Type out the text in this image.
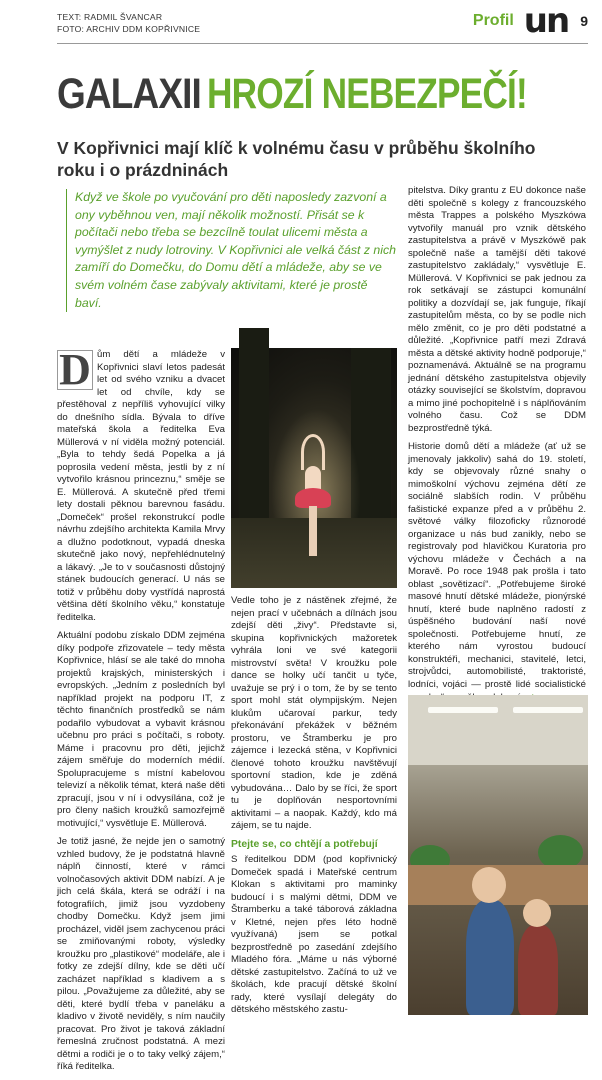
TEXT: RADMIL ŠVANCAR
FOTO: ARCHIV DDM KOPŘIVNICE	Profil un 9
GALAXII HROZÍ NEBEZPEČÍ!
V Kopřivnici mají klíč k volnému času v průběhu školního roku i o prázdninách
Když ve škole po vyučování pro děti naposledy zazvoní a ony vyběhnou ven, mají několik možností. Přisát se k počítači nebo třeba se bezcílně toulat ulicemi města a vymýšlet z nudy lotroviny. V Kopřivnici ale velká část z nich zamíří do Domečku, do Domu dětí a mládeže, aby se ve svém volném čase zabývaly aktivitami, které je prostě baví.

D ům dětí a mládeže v Kopřivnici slaví letos padesát let od svého vzniku a dvacet let od chvíle, kdy se přestěhoval z nepříliš vyhovující vilky do dnešního sídla. Bývala to dříve mateřská škola a ředitelka Eva Müllerová v ní viděla možný potenciál. „Byla to tehdy šedá Popelka a já poprosila vedení města, jestli by z ní vytvořilo krásnou princeznu,“ směje se E. Müllerová. A skutečně před třemi lety dostali pěknou barevnou fasádu. „Domeček“ prošel rekonstrukcí podle návrhu zdejšího architekta Kamila Mrvy a dlužno podotknout, vypadá dneska skutečně jako nový, nepřehlédnutelný a lákavý. „Je to v současnosti důstojný stánek budoucích generací. U nás se totiž v průběhu doby vystřídá naprostá většina dětí školního věku,“ konstatuje ředitelka.

Aktuální podobu získalo DDM zejména díky podpoře zřizovatele – tedy města Kopřivnice, hlásí se ale také do mnoha projektů krajských, ministerských i evropských. „Jedním z posledních byl například projekt na podporu IT, z těchto finančních prostředků se nám podařilo vybudovat a vybavit krásnou učebnu pro práci s počítači, s roboty. Máme i pracovnu pro děti, jejichž zájem směřuje do moderních médií. Spolupracujeme s místní kabelovou televizí a několik témat, která naše děti zpracují, jsou v ní i odvysílána, což je pro členy našich kroužků samozřejmě motivující,“ vysvětluje E. Müllerová.

Je totiž jasné, že nejde jen o samotný vzhled budovy, že je podstatná hlavně náplň činností, které v rámci volnočasových aktivit DDM nabízí. A je jich celá škála, která se odráží i na fotografiích, jimiž jsou vyzdobeny chodby Domečku. Když jsem jimi procházel, viděl jsem zachycenou práci se zmiňovanými roboty, výsledky kroužku pro „plastikové“ modeláře, ale i fotky ze zdejší dílny, kde se děti učí zacházet například s kladivem a s pilou. „Považujeme za důležité, aby se děti, které bydlí třeba v paneláku a kladivo v životě neviděly, s ním naučily pracovat. Pro život je taková základní řemeslná zručnost podstatná. A mezi dětmi a rodiči je o to taky velký zájem,“ říká ředitelka.

Vedle toho je z nástěnek zřejmé, že nejen prací v učebnách a dílnách jsou zdejší děti „živy“. Představte si, skupina kopřivnických mažoretek vyhrála loni ve své kategorii mistrovství světa! V kroužku pole dance se holky učí tančit u tyče, uvažuje se prý i o tom, že by se tento sport mohl stát olympijským. Nejen klukům učarovaí parkur, tedy překonávání překážek v běžném prostoru, ve Štramberku je pro zájemce i lezecká stěna, v Kopřivnici členové tohoto kroužku navštěvují sportovní stadion, kde je zděná vybudována… Dalo by se říci, že sport tu je doplňován nesportovními aktivitami – a naopak. Každý, kdo má zájem, se tu najde.

Ptejte se, co chtějí a potřebují

S ředitelkou DDM (pod kopřivnický Domeček spadá i Mateřské centrum Klokan s aktivitami pro maminky budoucí i s malými dětmi, DDM ve Štramberku a také táborová základna v Kletné, nejen přes léto hodně využívaná) jsem se potkal bezprostředně po zasedání zdejšího Mladého fóra. „Máme u nás výborné dětské zastupitelstvo. Začíná to už ve školách, kde pracují dětské školní rady, které vysílají delegáty do dětského městského zastu-

pitelstva. Díky grantu z EU dokonce naše děti společně s kolegy z francouzského města Trappes a polského Myszkówa vytvořily manuál pro vznik dětského zastupitelstva a právě v Myszkówě pak společně naše a tamější děti takové zastupitelstvo zakládaly,“ vysvětluje E. Müllerová. V Kopřivnici se pak jednou za rok setkávají se zástupci komunální politiky a dozvídají se, jak funguje, říkají zastupitelům města, co by se podle nich mělo změnit, co je pro děti podstatné a důležité. „Kopřivnice patří mezi Zdravá města a dětské aktivity hodně podporuje,“ poznamenává. Aktuálně se na programu jednání dětského zastupitelstva objevily otázky související se školstvím, dopravou a mimo jiné pochopitelně i s náplňováním volného času. Což se DDM bezprostředně týká.

Historie domů dětí a mládeže (ať už se jmenovaly jakkoliv) sahá do 19. století, kdy se objevovaly různé snahy o mimoškolní výchovu zejména dětí ze sociálně slabších rodin. V průběhu fašistické expanze před a v průběhu 2. světové války filozoficky různorodé organizace u nás bud zanikly, nebo se registrovaly pod hlavičkou Kuratoria pro výchovu mládeže v Čechách a na Moravě. Po roce 1948 pak prošla i tato oblast „sovětizací“. „Potřebujeme široké masové hnutí dětské mládeže, pionýrské hnutí, které bude naplněno radostí z úspěšného budování naší nové společnosti. Potřebujeme hnutí, ze kterého nám vyrostou budoucí konstruktéři, mechanici, stavitelé, letci, strojvůdci, automobilisté, traktoristé, lodníci, vojáci — prostě lidé socialistické
